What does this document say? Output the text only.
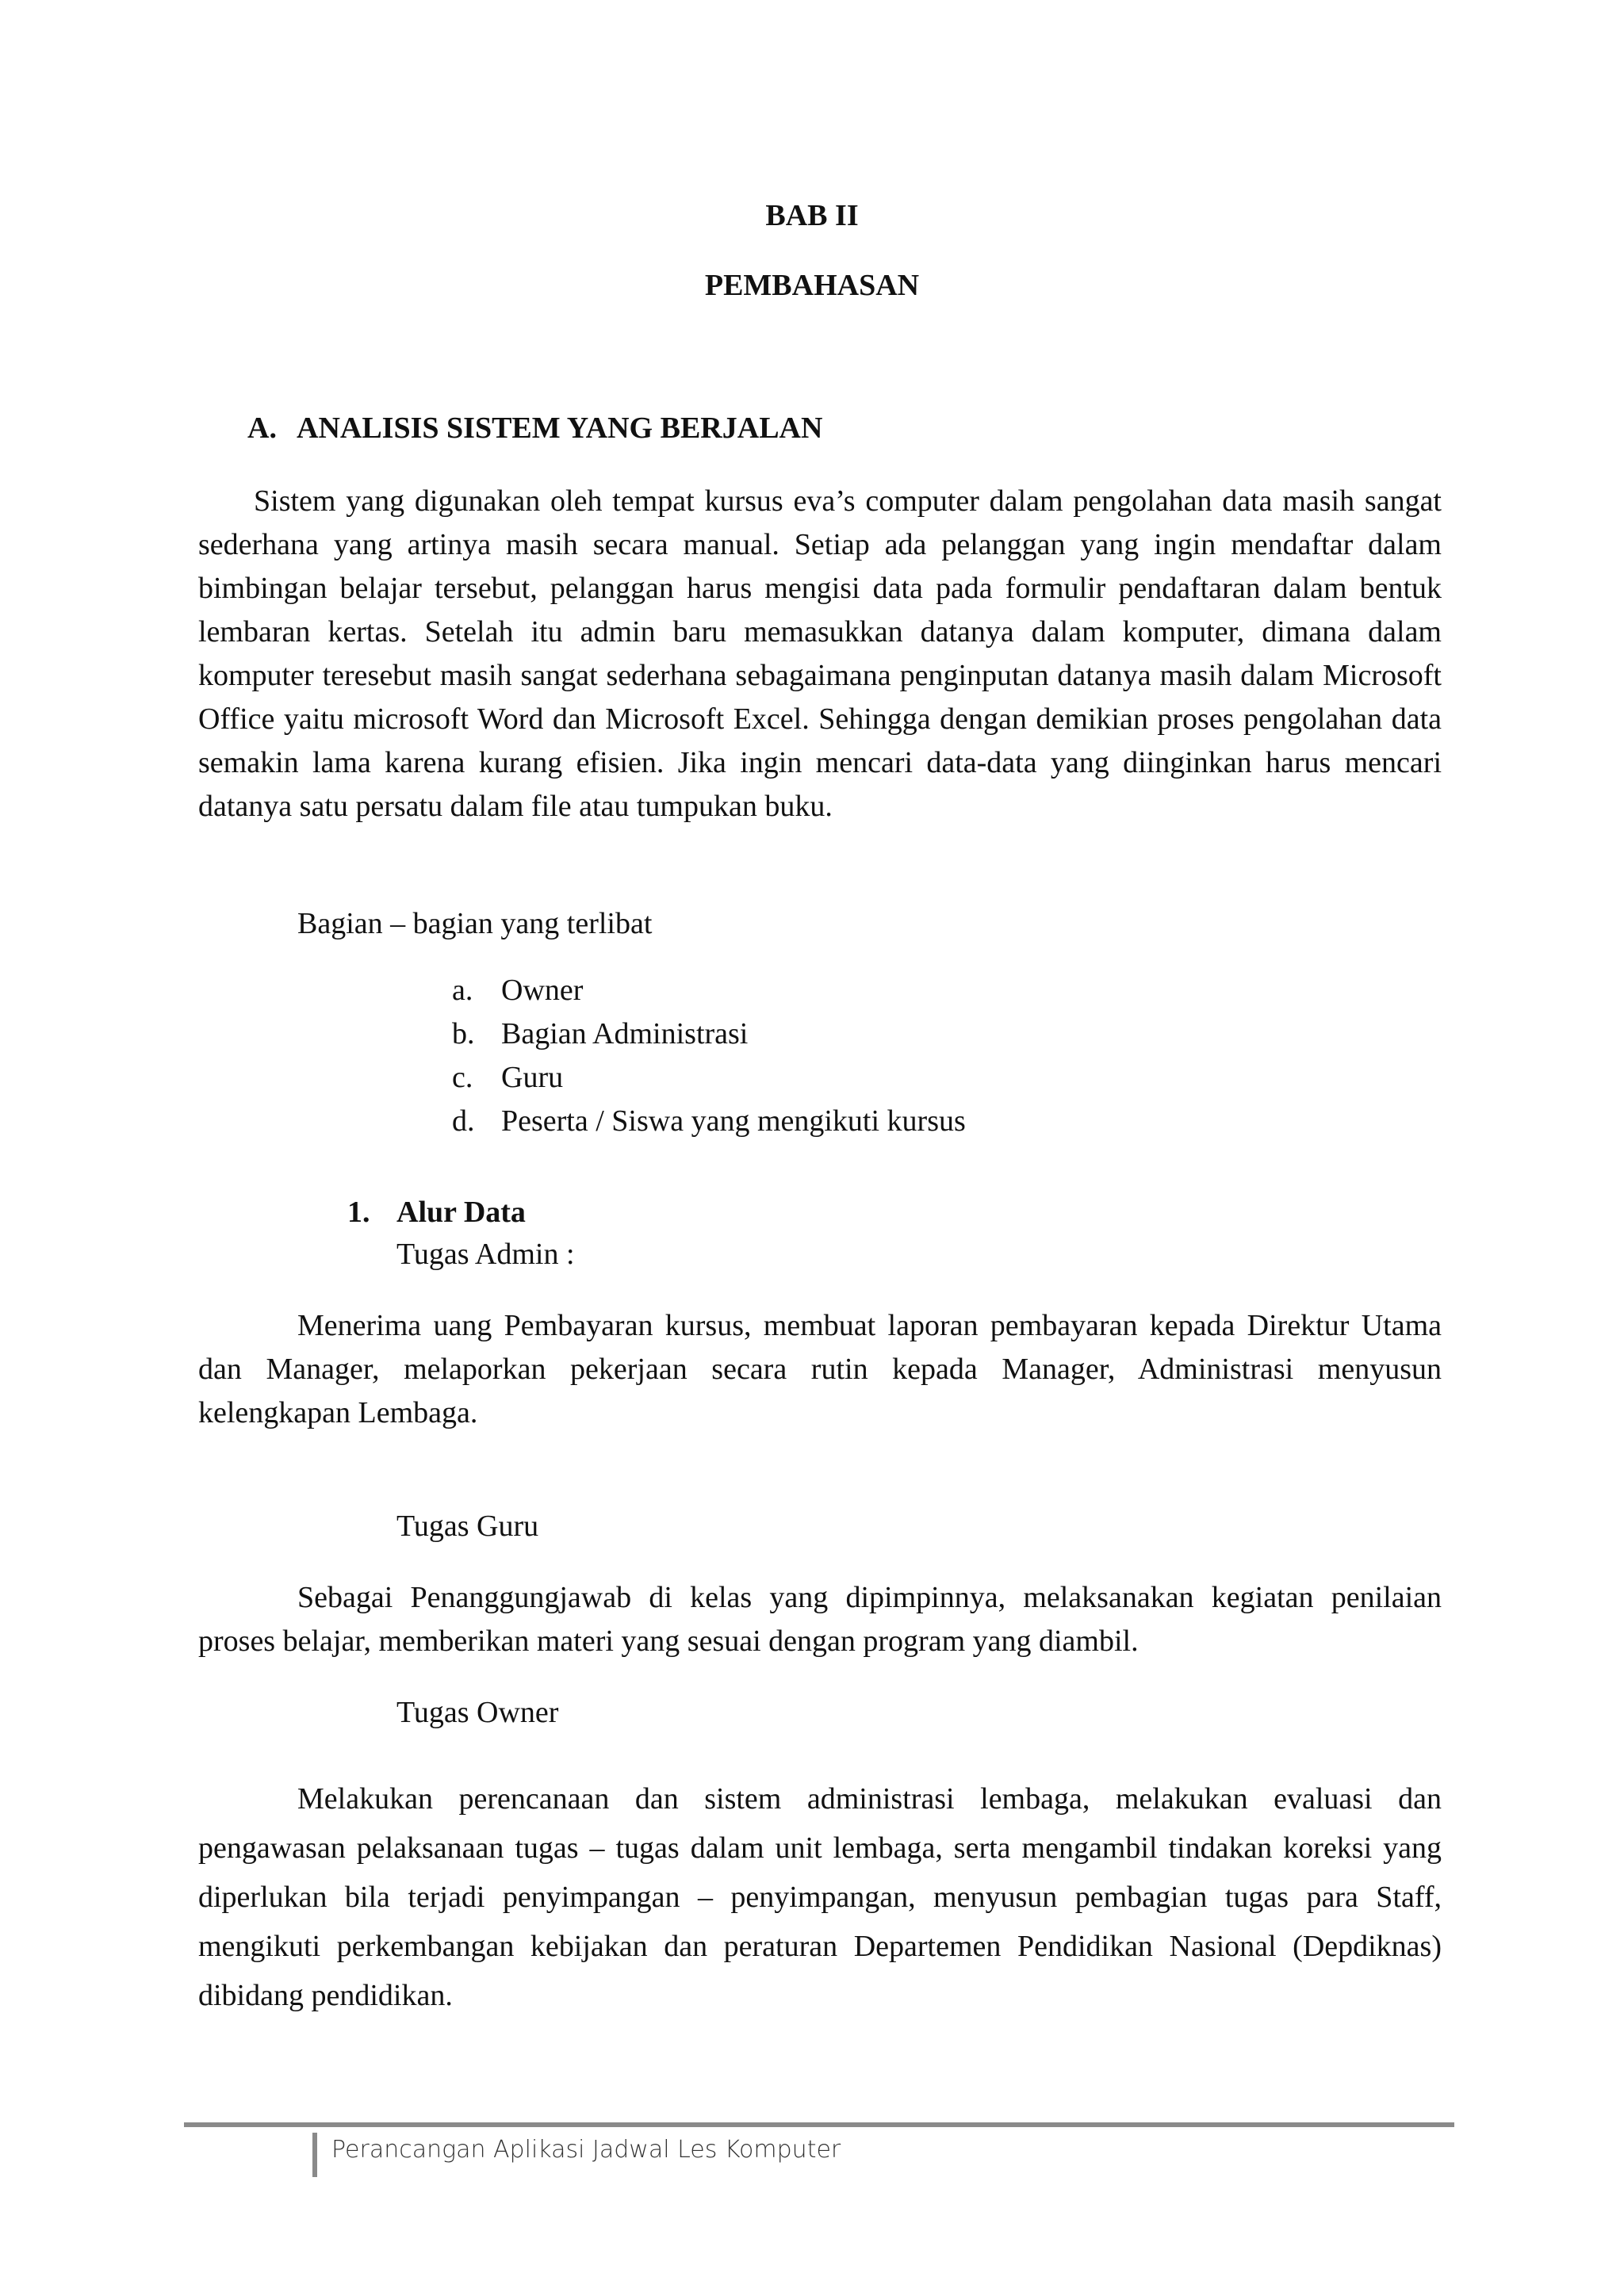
BAB II
PEMBAHASAN
A. ANALISIS SISTEM YANG BERJALAN

Sistem yang digunakan oleh tempat kursus eva’s computer dalam pengolahan data masih sangat sederhana yang artinya masih secara manual. Setiap ada pelanggan yang ingin mendaftar dalam bimbingan belajar tersebut, pelanggan harus mengisi data pada formulir pendaftaran dalam bentuk lembaran kertas. Setelah itu admin baru memasukkan datanya dalam komputer, dimana dalam komputer teresebut masih sangat sederhana sebagaimana penginputan datanya masih dalam Microsoft Office yaitu microsoft Word dan Microsoft Excel. Sehingga dengan demikian proses pengolahan data semakin lama karena kurang efisien. Jika ingin mencari data-data yang diinginkan harus mencari datanya satu persatu dalam file atau tumpukan buku.

Bagian – bagian yang terlibat

a. Owner
b. Bagian Administrasi
c. Guru
d. Peserta / Siswa yang mengikuti kursus
1. Alur Data
Tugas Admin :

Menerima uang Pembayaran kursus, membuat laporan pembayaran kepada Direktur Utama dan Manager, melaporkan pekerjaan secara rutin kepada Manager, Administrasi menyusun kelengkapan Lembaga.

Tugas Guru

Sebagai Penanggungjawab di kelas yang dipimpinnya, melaksanakan kegiatan penilaian proses belajar, memberikan materi yang sesuai dengan program yang diambil.

Tugas Owner

Melakukan perencanaan dan sistem administrasi lembaga, melakukan evaluasi dan pengawasan pelaksanaan tugas – tugas dalam unit lembaga, serta mengambil tindakan koreksi yang diperlukan bila terjadi penyimpangan – penyimpangan, menyusun pembagian tugas para Staff, mengikuti perkembangan kebijakan dan peraturan Departemen Pendidikan Nasional (Depdiknas) dibidang pendidikan.

Perancangan Aplikasi Jadwal Les Komputer
